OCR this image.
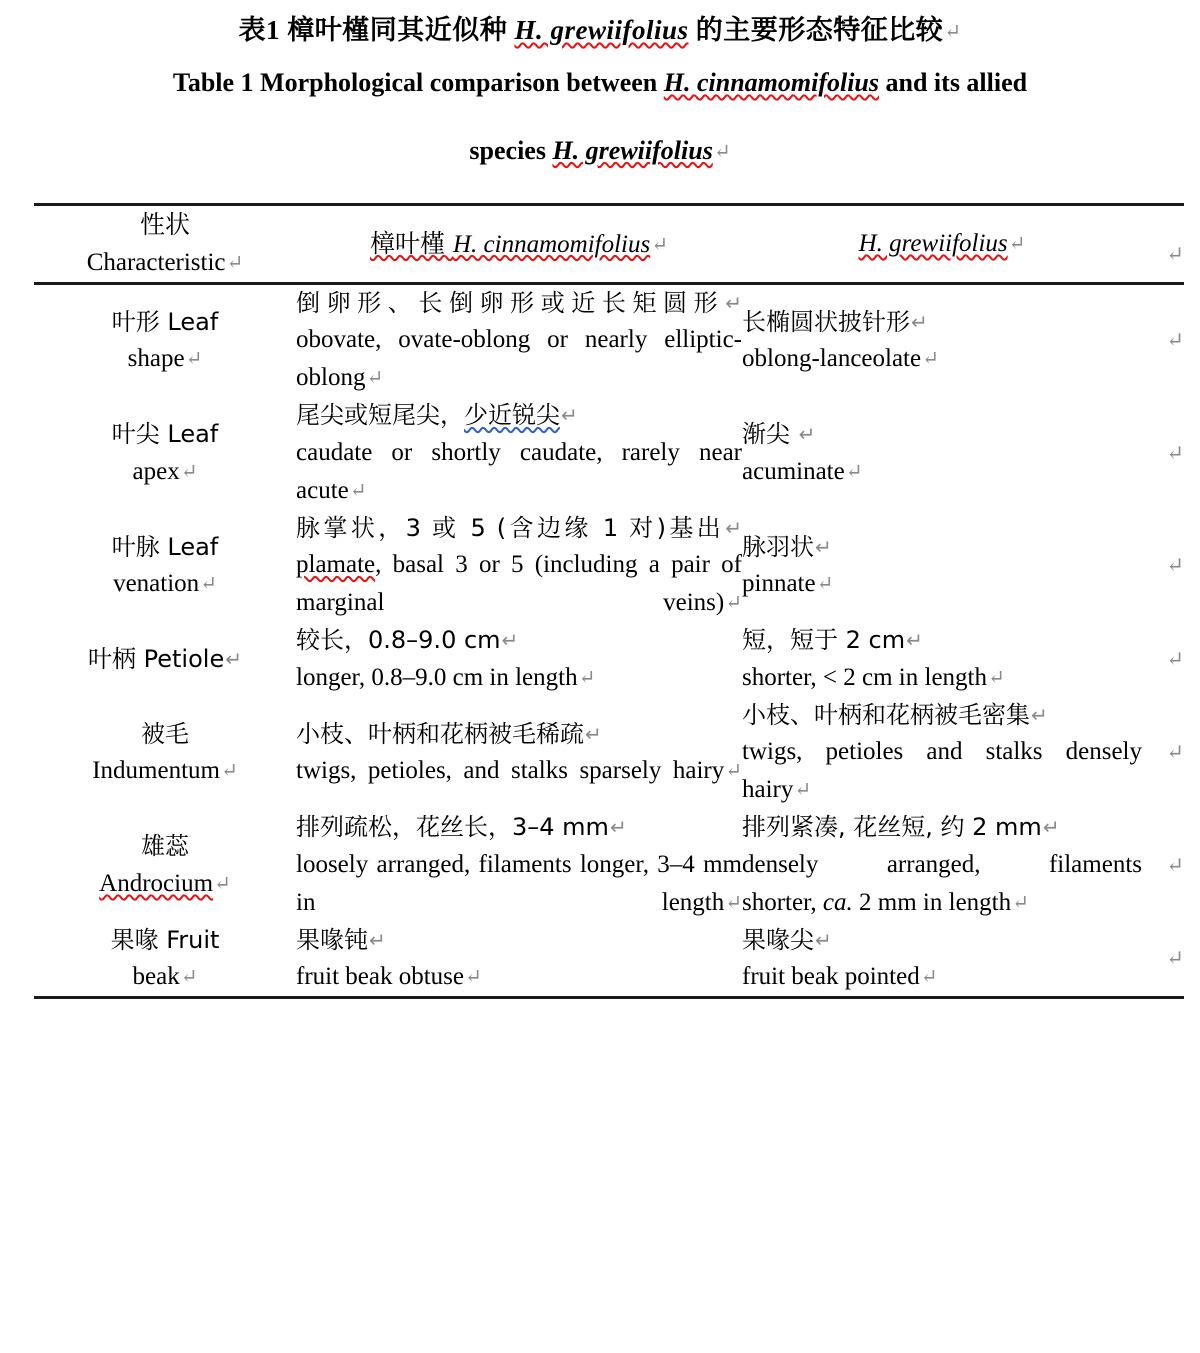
表1 樟叶槿同其近似种 H. grewiifolius 的主要形态特征比较↵
Table 1 Morphological comparison between H. cinnamomifolius and its allied
species H. grewiifolius↵
性状
Characteristic↵	樟叶槿 H. cinnamomifolius↵	H. grewiifolius↵	↵

叶形 Leaf
shape↵	倒卵形、长倒卵形或近长矩圆形↵
obovate, ovate-oblong or nearly elliptic-oblong↵	长椭圆状披针形↵
oblong-lanceolate↵	↵

叶尖 Leaf
apex↵	尾尖或短尾尖，少近锐尖↵
caudate or shortly caudate, rarely near acute↵	渐尖 ↵
acuminate↵	↵

叶脉 Leaf
venation↵	脉掌状，3 或 5 (含边缘 1 对)基出↵
plamate, basal 3 or 5 (including a pair of marginal veins)↵	脉羽状↵
pinnate↵	↵

叶柄 Petiole↵	较长，0.8–9.0 cm↵
longer, 0.8–9.0 cm in length↵	短，短于 2 cm↵
shorter, < 2 cm in length↵	↵

被毛
Indumentum↵	小枝、叶柄和花柄被毛稀疏↵
twigs, petioles, and stalks sparsely hairy↵	小枝、叶柄和花柄被毛密集↵
twigs, petioles and stalks densely hairy↵	↵

雄蕊
Androcium↵	排列疏松，花丝长，3–4 mm↵
loosely arranged, filaments longer, 3–4 mm in length↵	排列紧凑, 花丝短, 约 2 mm↵
densely arranged, filaments
shorter, ca. 2 mm in length↵	↵

果喙 Fruit
beak↵	果喙钝↵
fruit beak obtuse↵	果喙尖↵
fruit beak pointed↵	↵
